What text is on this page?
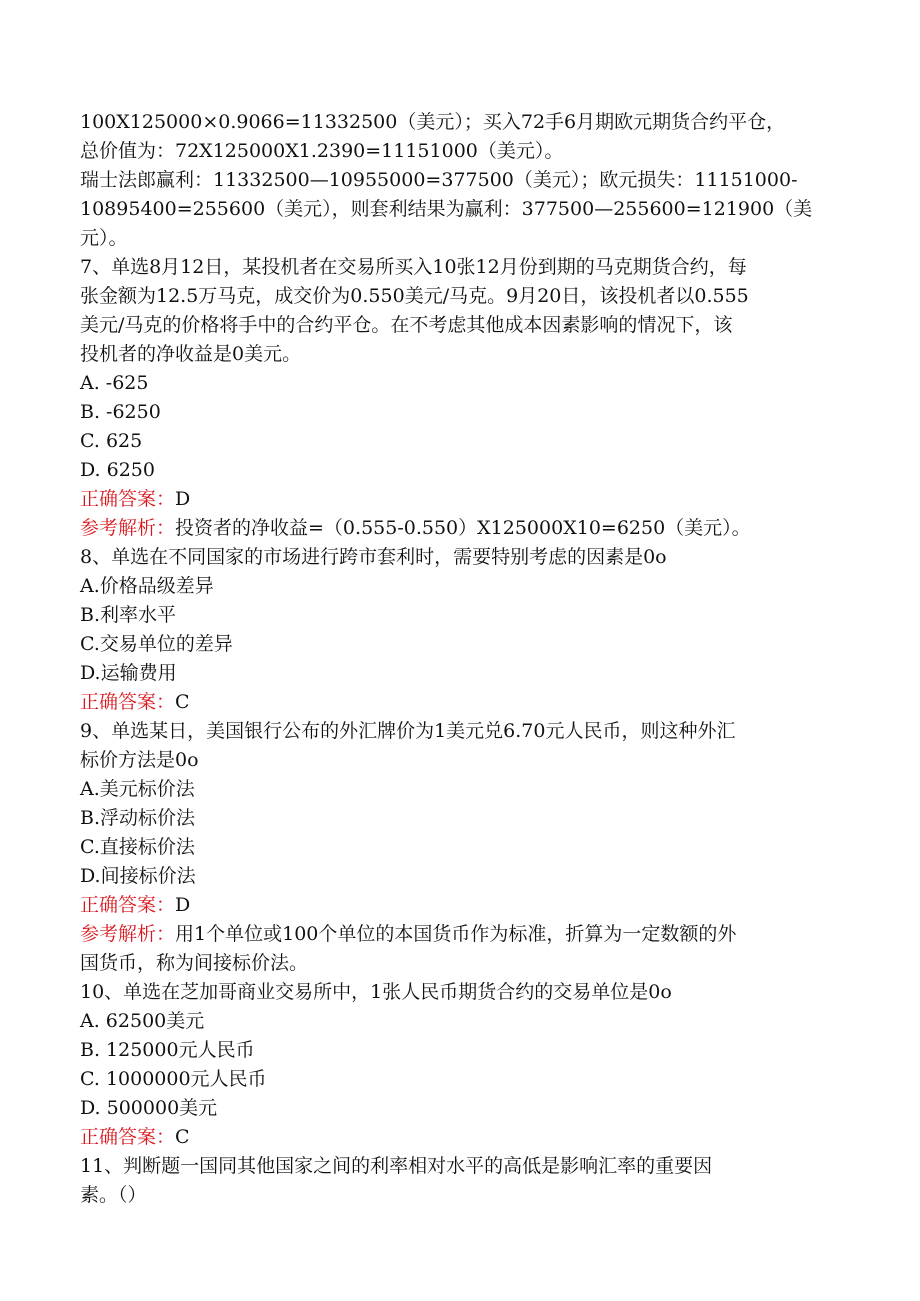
100X125000×0.9066=11332500（美元）；买入72手6月期欧元期货合约平仓，
总价值为：72X125000X1.2390=11151000（美元）。
瑞士法郎赢利：11332500—10955000=377500（美元）；欧元损失：11151000-
10895400=255600（美元），则套利结果为赢利：377500—255600=121900（美
元）。
7、单选8月12日，某投机者在交易所买入10张12月份到期的马克期货合约，每
张金额为12.5万马克，成交价为0.550美元/马克。9月20日，该投机者以0.555
美元/马克的价格将手中的合约平仓。在不考虑其他成本因素影响的情况下，该
投机者的净收益是0美元。
A. -625
B. -6250
C. 625
D. 6250
正确答案：D
参考解析：投资者的净收益=（0.555-0.550）X125000X10=6250（美元）。
8、单选在不同国家的市场进行跨市套利时，需要特别考虑的因素是0o
A.价格品级差异
B.利率水平
C.交易单位的差异
D.运输费用
正确答案：C
9、单选某日，美国银行公布的外汇牌价为1美元兑6.70元人民币，则这种外汇
标价方法是0o
A.美元标价法
B.浮动标价法
C.直接标价法
D.间接标价法
正确答案：D
参考解析：用1个单位或100个单位的本国货币作为标准，折算为一定数额的外
国货币，称为间接标价法。
10、单选在芝加哥商业交易所中，1张人民币期货合约的交易单位是0o
A. 62500美元
B. 125000元人民币
C. 1000000元人民币
D. 500000美元
正确答案：C
11、判断题一国同其他国家之间的利率相对水平的高低是影响汇率的重要因
素。（）
